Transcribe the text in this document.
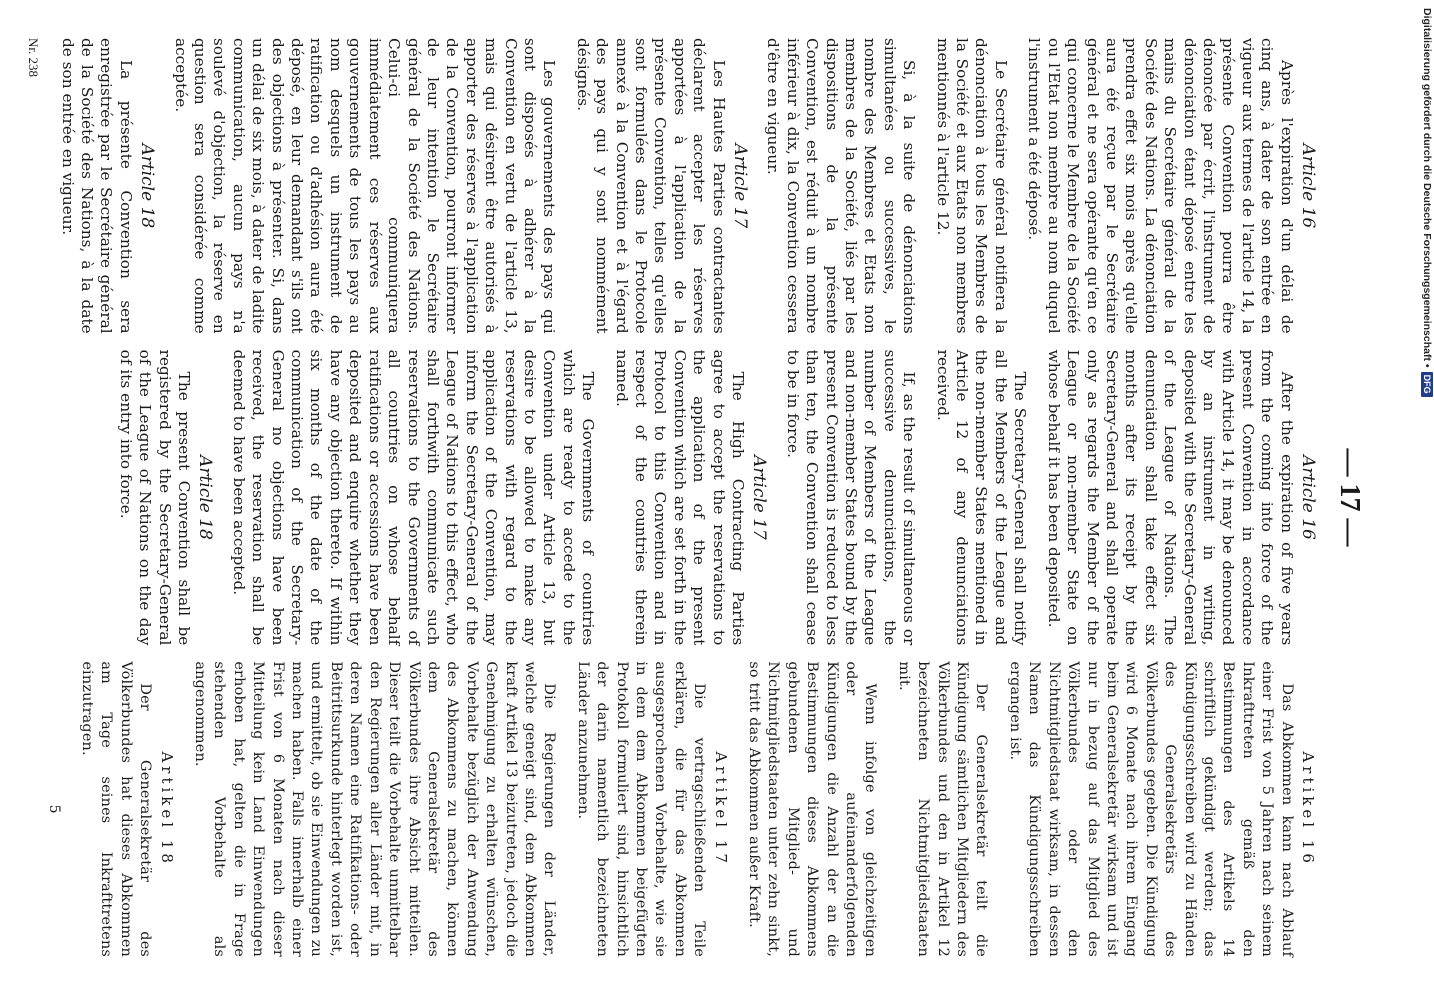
— 17 —
Article 16

Après l'expiration d'un délai de cinq ans, à dater de son entrée en vigueur aux termes de l'article 14, la présente Convention pourra être dénoncée par écrit, l'instrument de dénonciation étant déposé entre les mains du Secrétaire général de la Société des Nations. La dénonciation prendra effet six mois après qu'elle aura été reçue par le Secrétaire général et ne sera opérante qu'en ce qui concerne le Membre de la Société ou l'Etat non membre au nom duquel l'instrument a été déposé.

Le Secrétaire général notifiera la dénonciation à tous les Membres de la Société et aux Etats non membres mentionnés à l'article 12.

Si, à la suite de dénonciations simultanées ou successives, le nombre des Membres et Etats non membres de la Société, liés par les dispositions de la présente Convention, est réduit à un nombre inférieur à dix, la Convention cessera d'être en vigueur.

Article 17

Les Hautes Parties contractantes déclarent accepter les réserves apportées à l'application de la présente Convention, telles qu'elles sont formulées dans le Protocole annexé à la Convention et à l'égard des pays qui y sont nommément désignés.

Les gouvernements des pays qui sont disposés à adhérer à la Convention en vertu de l'article 13, mais qui désirent être autorisés à apporter des réserves à l'application de la Convention, pourront informer de leur intention le Secrétaire général de la Société des Nations. Celui-ci communiquera immédiatement ces réserves aux gouvernements de tous les pays au nom desquels un instrument de ratification ou d'adhésion aura été déposé, en leur demandant s'ils ont des objections à présenter. Si, dans un délai de six mois, à dater de ladite communication, aucun pays n'a soulevé d'objection, la réserve en question sera considérée comme acceptée.

Article 18

La présente Convention sera enregistrée par le Secrétaire général de la Société des Nations, à la date de son entrée en vigueur.

Nr. 238
Article 16

After the expiration of five years from the coming into force of the present Convention in accordance with Article 14, it may be denounced by an instrument in writing, deposited with the Secretary-General of the League of Nations. The denunciation shall take effect six months after its receipt by the Secretary-General and shall operate only as regards the Member of the League or non-member State on whose behalf it has been deposited.

The Secretary-General shall notify all the Members of the League and the non-member States mentioned in Article 12 of any denunciations received.

If, as the result of simultaneous or successive denunciations, the number of Members of the League and non-member States bound by the present Convention is reduced to less than ten, the Convention shall cease to be in force.

Article 17

The High Contracting Parties agree to accept the reservations to the application of the present Convention which are set forth in the Protocol to this Convention and in respect of the countries therein named.

The Governments of countries which are ready to accede to the Convention under Article 13, but desire to be allowed to make any reservations with regard to the application of the Convention, may inform the Secretary-General of the League of Nations to this effect, who shall forthwith communicate such reservations to the Governments of all countries on whose behalf ratifications or accessions have been deposited and enquire whether they have any objection thereto. If within six months of the date of the communication of the Secretary-General no objections have been received, the reservation shall be deemed to have been accepted.

Article 18

The present Convention shall be registered by the Secretary-General of the League of Nations on the day of its entry into force.

Artikel 16

Das Abkommen kann nach Ablauf einer Frist von 5 Jahren nach seinem Inkrafttreten gemäß den Bestimmungen des Artikels 14 schriftlich gekündigt werden; das Kündigungsschreiben wird zu Händen des Generalsekretärs des Völkerbundes gegeben. Die Kündigung wird 6 Monate nach ihrem Eingang beim Generalsekretär wirksam und ist nur in bezug auf das Mitglied des Völkerbundes oder den Nichtmitgliedstaat wirksam, in dessen Namen das Kündigungsschreiben ergangen ist.

Der Generalsekretär teilt die Kündigung sämtlichen Mitgliedern des Völkerbundes und den in Artikel 12 bezeichneten Nichtmitgliedstaaten mit.

Wenn infolge von gleichzeitigen oder aufeinanderfolgenden Kündigungen die Anzahl der an die Bestimmungen dieses Abkommens gebundenen Mitglied- und Nichtmitgliedstaaten unter zehn sinkt, so tritt das Abkommen außer Kraft.

Artikel 17

Die vertragschließenden Teile erklären, die für das Abkommen ausgesprochenen Vorbehalte, wie sie in dem dem Abkommen beigefügten Protokoll formuliert sind, hinsichtlich der darin namentlich bezeichneten Länder anzunehmen.

Die Regierungen der Länder, welche geneigt sind, dem Abkommen kraft Artikel 13 beizutreten, jedoch die Genehmigung zu erhalten wünschen, Vorbehalte bezüglich der Anwendung des Abkommens zu machen, können dem Generalsekretär des Völkerbundes ihre Absicht mitteilen. Dieser teilt die Vorbehalte unmittelbar den Regierungen aller Länder mit, in deren Namen eine Ratifikations- oder Beitrittsurkunde hinterlegt worden ist, und ermittelt, ob sie Einwendungen zu machen haben. Falls innerhalb einer Frist von 6 Monaten nach dieser Mitteilung kein Land Einwendungen erhoben hat, gelten die in Frage stehenden Vorbehalte als angenommen.

Artikel 18

Der Generalsekretär des Völkerbundes hat dieses Abkommen am Tage seines Inkrafttretens einzutragen.

5
Digitalisierung gefördert durch die Deutsche Forschungsgemeinschaft •
DFG
